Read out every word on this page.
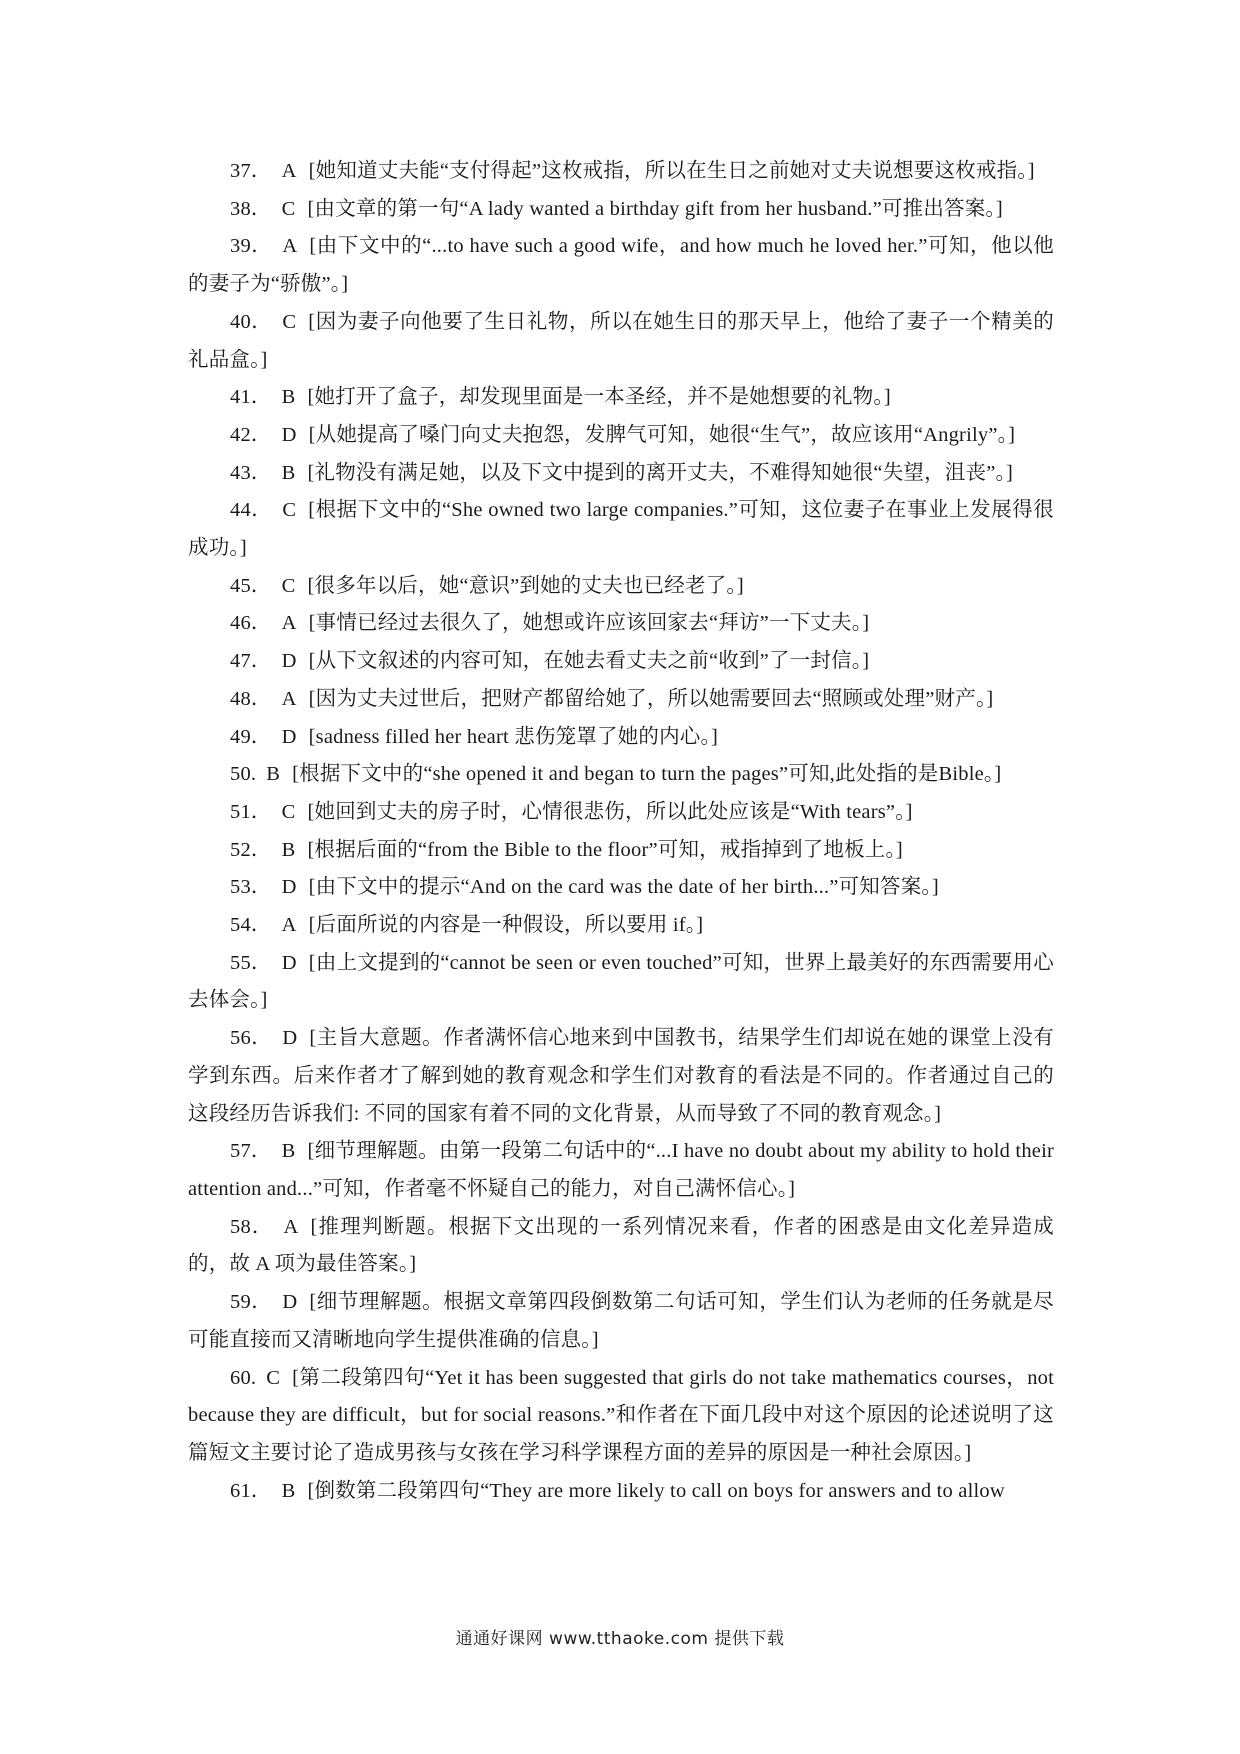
37． A [她知道丈夫能“支付得起”这枚戒指，所以在生日之前她对丈夫说想要这枚戒指。]

38． C [由文章的第一句“A lady wanted a birthday gift from her husband.”可推出答案。]

39． A [由下文中的“...to have such a good wife，and how much he loved her.”可知，他以他的妻子为“骄傲”。]

40． C [因为妻子向他要了生日礼物，所以在她生日的那天早上，他给了妻子一个精美的礼品盒。]

41． B [她打开了盒子，却发现里面是一本圣经，并不是她想要的礼物。]

42． D [从她提高了嗓门向丈夫抱怨，发脾气可知，她很“生气”，故应该用“Angrily”。]

43． B [礼物没有满足她，以及下文中提到的离开丈夫，不难得知她很“失望，沮丧”。]

44． C [根据下文中的“She owned two large companies.”可知，这位妻子在事业上发展得很成功。]

45． C [很多年以后，她“意识”到她的丈夫也已经老了。]

46． A [事情已经过去很久了，她想或许应该回家去“拜访”一下丈夫。]

47． D [从下文叙述的内容可知，在她去看丈夫之前“收到”了一封信。]

48． A [因为丈夫过世后，把财产都留给她了，所以她需要回去“照顾或处理”财产。]

49． D [sadness filled her heart 悲伤笼罩了她的内心。]

50. B [根据下文中的“she opened it and began to turn the pages”可知,此处指的是Bible。]

51． C [她回到丈夫的房子时，心情很悲伤，所以此处应该是“With tears”。]

52． B [根据后面的“from the Bible to the floor”可知，戒指掉到了地板上。]

53． D [由下文中的提示“And on the card was the date of her birth...”可知答案。]

54． A [后面所说的内容是一种假设，所以要用 if。]

55． D [由上文提到的“cannot be seen or even touched”可知，世界上最美好的东西需要用心去体会。]

56． D [主旨大意题。作者满怀信心地来到中国教书，结果学生们却说在她的课堂上没有学到东西。后来作者才了解到她的教育观念和学生们对教育的看法是不同的。作者通过自己的这段经历告诉我们: 不同的国家有着不同的文化背景，从而导致了不同的教育观念。]

57． B [细节理解题。由第一段第二句话中的“...I have no doubt about my ability to hold their attention and...”可知，作者毫不怀疑自己的能力，对自己满怀信心。]

58． A [推理判断题。根据下文出现的一系列情况来看，作者的困惑是由文化差异造成的，故 A 项为最佳答案。]

59． D [细节理解题。根据文章第四段倒数第二句话可知，学生们认为老师的任务就是尽可能直接而又清晰地向学生提供准确的信息。]

60. C [第二段第四句“Yet it has been suggested that girls do not take mathematics courses，not because they are difficult，but for social reasons.”和作者在下面几段中对这个原因的论述说明了这篇短文主要讨论了造成男孩与女孩在学习科学课程方面的差异的原因是一种社会原因。]

61． B [倒数第二段第四句“They are more likely to call on boys for answers and to allow

通通好课网 www.tthaoke.com 提供下载
